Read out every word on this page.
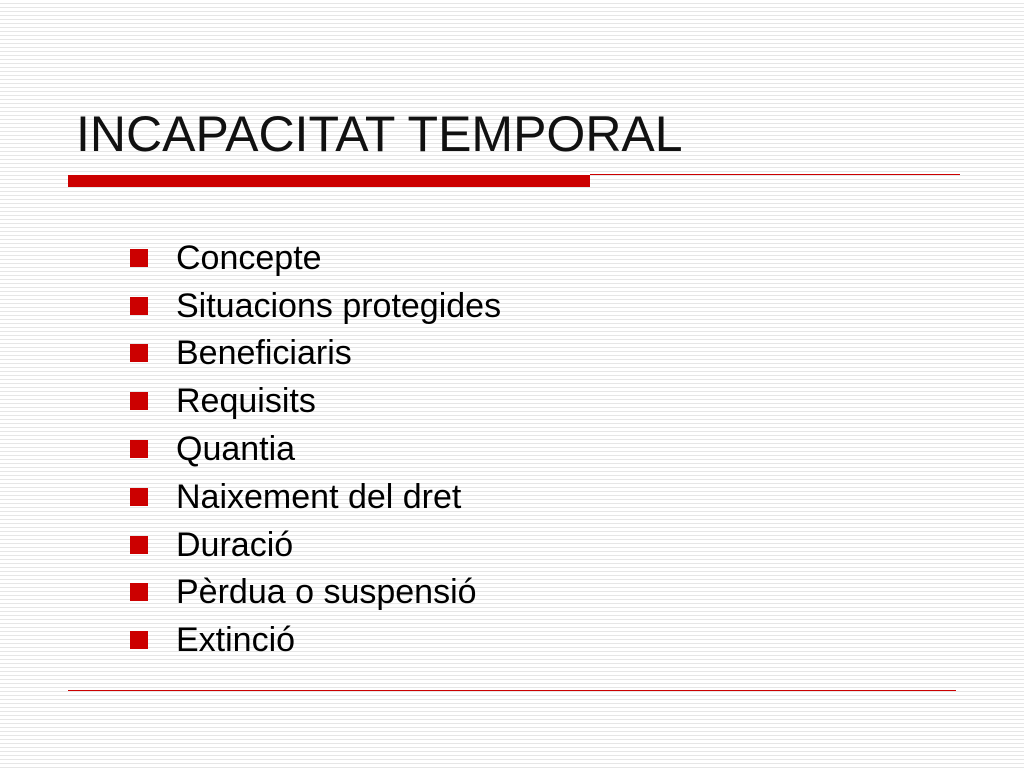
INCAPACITAT TEMPORAL
Concepte
Situacions protegides
Beneficiaris
Requisits
Quantia
Naixement del dret
Duració
Pèrdua o suspensió
Extinció
